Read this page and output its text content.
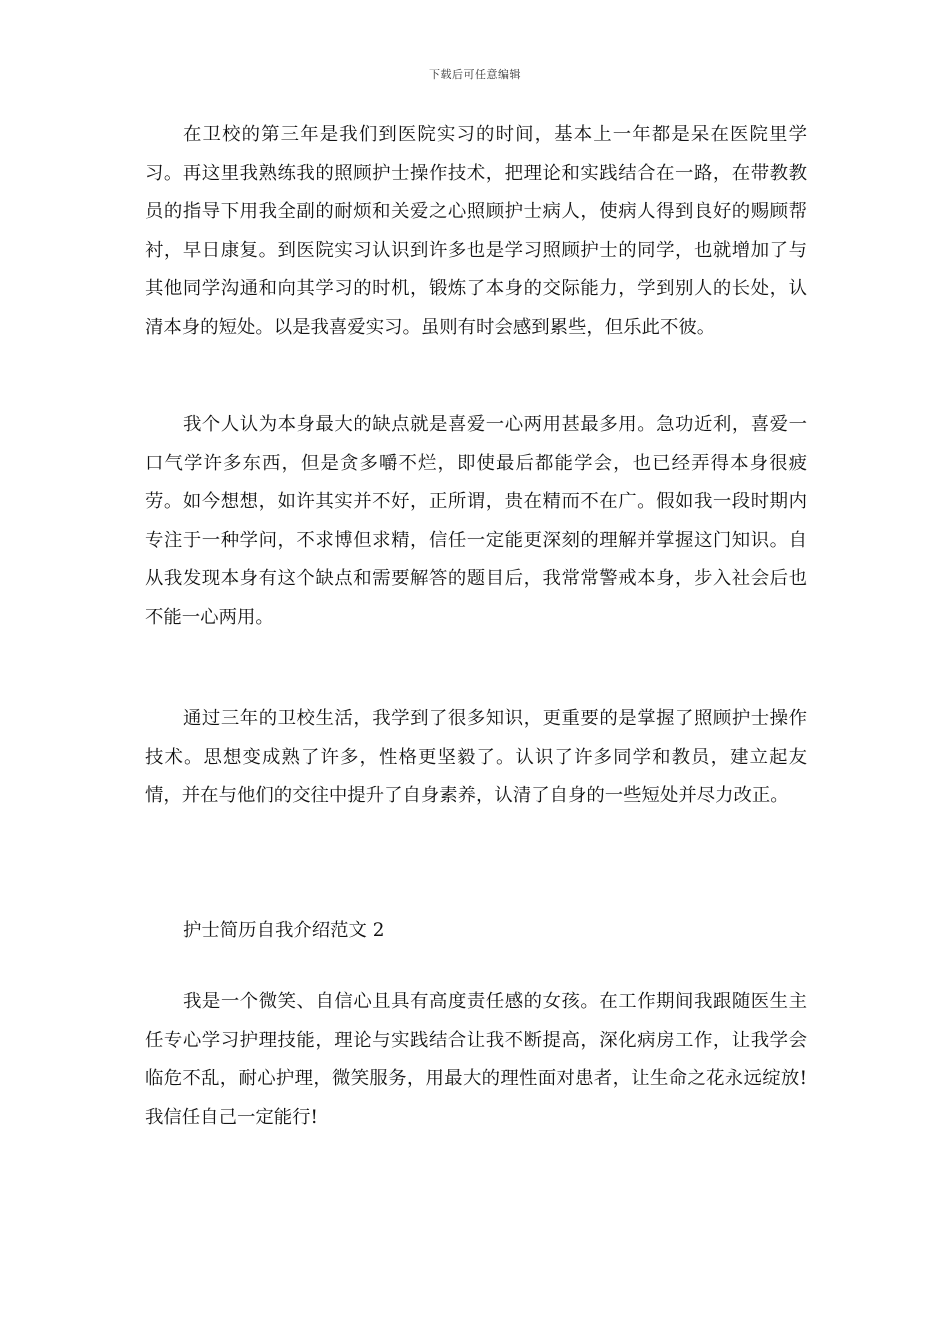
下载后可任意编辑

在卫校的第三年是我们到医院实习的时间，基本上一年都是呆在医院里学习。再这里我熟练我的照顾护士操作技术，把理论和实践结合在一路，在带教教员的指导下用我全副的耐烦和关爱之心照顾护士病人，使病人得到良好的赐顾帮衬，早日康复。到医院实习认识到许多也是学习照顾护士的同学，也就增加了与其他同学沟通和向其学习的时机，锻炼了本身的交际能力，学到别人的长处，认清本身的短处。以是我喜爱实习。虽则有时会感到累些，但乐此不彼。

我个人认为本身最大的缺点就是喜爱一心两用甚最多用。急功近利，喜爱一口气学许多东西，但是贪多嚼不烂，即使最后都能学会，也已经弄得本身很疲劳。如今想想，如许其实并不好，正所谓，贵在精而不在广。假如我一段时期内专注于一种学问，不求博但求精，信任一定能更深刻的理解并掌握这门知识。自从我发现本身有这个缺点和需要解答的题目后，我常常警戒本身，步入社会后也不能一心两用。

通过三年的卫校生活，我学到了很多知识，更重要的是掌握了照顾护士操作技术。思想变成熟了许多，性格更坚毅了。认识了许多同学和教员，建立起友情，并在与他们的交往中提升了自身素养，认清了自身的一些短处并尽力改正。

护士简历自我介绍范文 2

我是一个微笑、自信心且具有高度责任感的女孩。在工作期间我跟随医生主任专心学习护理技能，理论与实践结合让我不断提高，深化病房工作，让我学会临危不乱，耐心护理，微笑服务，用最大的理性面对患者，让生命之花永远绽放!我信任自己一定能行!
